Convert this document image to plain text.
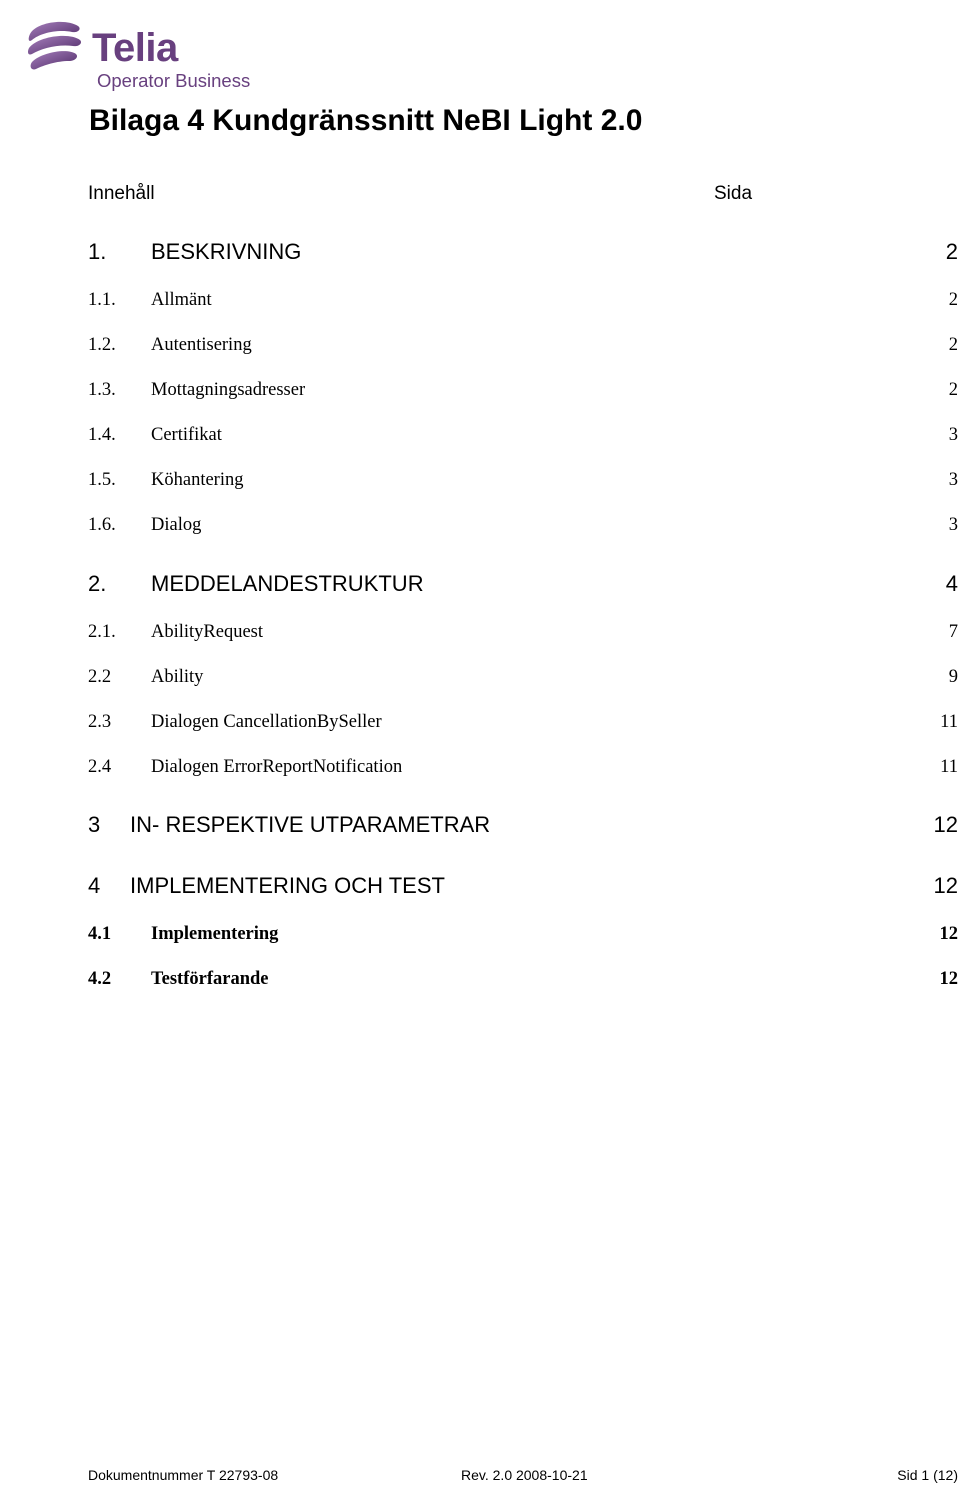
Telia
Operator Business
Bilaga 4 Kundgränssnitt NeBI Light 2.0
Innehåll	Sida
1. BESKRIVNING	2
1.1. Allmänt	2
1.2. Autentisering	2
1.3. Mottagningsadresser	2
1.4. Certifikat	3
1.5. Köhantering	3
1.6. Dialog	3
2. MEDDELANDESTRUKTUR	4
2.1. AbilityRequest	7
2.2 Ability	9
2.3 Dialogen CancellationBySeller	11
2.4 Dialogen ErrorReportNotification	11
3 IN- RESPEKTIVE UTPARAMETRAR	12
4 IMPLEMENTERING OCH TEST	12
4.1 Implementering	12
4.2 Testförfarande	12
Dokumentnummer T 22793-08	Rev. 2.0 2008-10-21	Sid 1 (12)
